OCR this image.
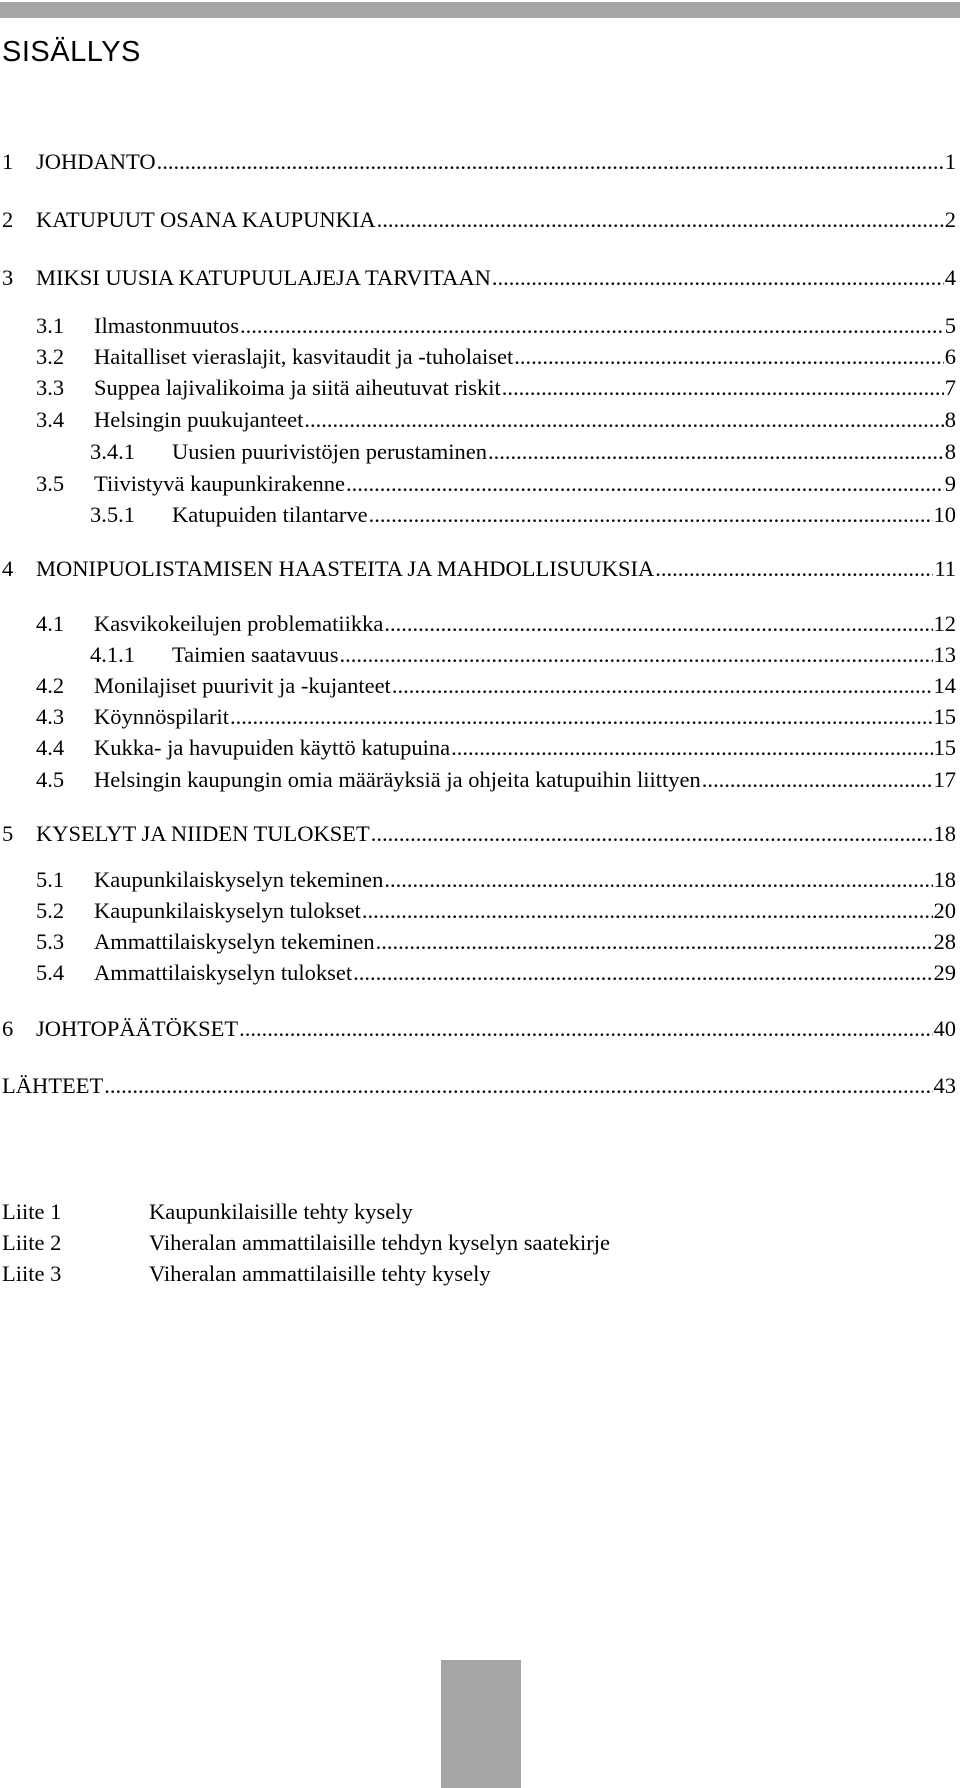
SISÄLLYS
1 JOHDANTO .....	1
2 KATUPUUT OSANA KAUPUNKIA .....	2
3 MIKSI UUSIA KATUPUULAJEJA TARVITAAN .....	4
3.1 Ilmastonmuutos .....	5
3.2 Haitalliset vieraslajit, kasvitaudit ja -tuholaiset .....	6
3.3 Suppea lajivalikoima ja siitä aiheutuvat riskit .....	7
3.4 Helsingin puukujanteet .....	8
3.4.1 Uusien puurivistöjen perustaminen .....	8
3.5 Tiivistyvä kaupunkirakenne .....	9
3.5.1 Katupuiden tilantarve .....	10
4 MONIPUOLISTAMISEN HAASTEITA JA MAHDOLLISUUKSIA .....	11
4.1 Kasvikokeilujen problematiikka .....	12
4.1.1 Taimien saatavuus .....	13
4.2 Monilajiset puurivit ja -kujanteet .....	14
4.3 Köynnöspilarit .....	15
4.4 Kukka- ja havupuiden käyttö katupuina .....	15
4.5 Helsingin kaupungin omia määräyksiä ja ohjeita katupuihin liittyen .....	17
5 KYSELYT JA NIIDEN TULOKSET .....	18
5.1 Kaupunkilaiskyselyn tekeminen .....	18
5.2 Kaupunkilaiskyselyn tulokset .....	20
5.3 Ammattilaiskyselyn tekeminen .....	28
5.4 Ammattilaiskyselyn tulokset .....	29
6 JOHTOPÄÄTÖKSET .....	40
LÄHTEET .....	43
Liite 1	Kaupunkilaisille tehty kysely
Liite 2	Viheralan ammattilaisille tehdyn kyselyn saatekirje
Liite 3	Viheralan ammattilaisille tehty kysely
